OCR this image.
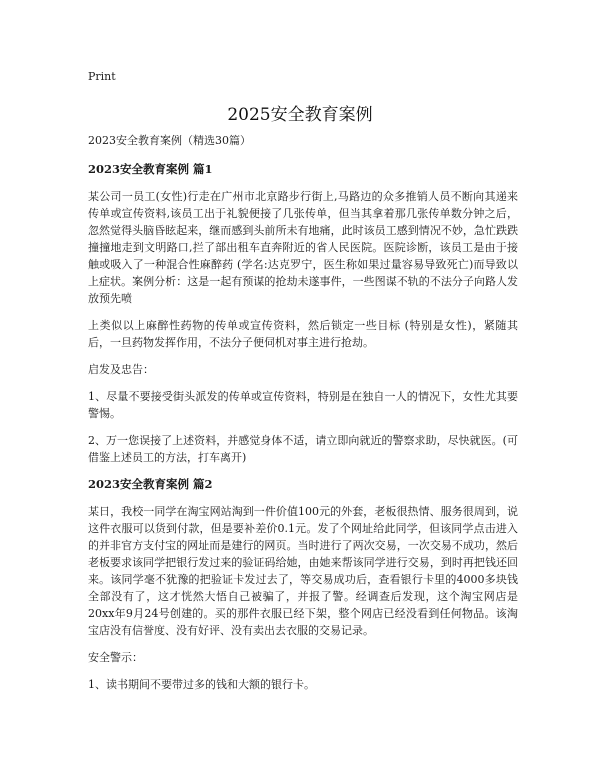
Print
2025安全教育案例

2023安全教育案例（精选30篇）

2023安全教育案例 篇1

某公司一员工(女性)行走在广州市北京路步行街上,马路边的众多推销人员不断向其递来传单或宣传资料,该员工出于礼貌便接了几张传单，但当其拿着那几张传单数分钟之后，忽然觉得头脑昏眩起来，继而感到头前所未有地痛，此时该员工感到情况不妙，急忙跌跌撞撞地走到文明路口,拦了部出租车直奔附近的省人民医院。医院诊断，该员工是由于接触或吸入了一种混合性麻醉药 (学名:达克罗宁，医生称如果过量容易导致死亡)而导致以上症状。案例分析：这是一起有预谋的抢劫未遂事件，一些图谋不轨的不法分子向路人发放预先喷

上类似以上麻醉性药物的传单或宣传资料，然后锁定一些目标 (特别是女性)，紧随其后，一旦药物发挥作用，不法分子便伺机对事主进行抢劫。

启发及忠告：

1、尽量不要接受街头派发的传单或宣传资料，特别是在独自一人的情况下，女性尤其要警惕。

2、万一您误接了上述资料，并感觉身体不适，请立即向就近的警察求助，尽快就医。(可借鉴上述员工的方法，打车离开)

2023安全教育案例 篇2

某日，我校一同学在淘宝网站淘到一件价值100元的外套，老板很热情、服务很周到，说这件衣服可以货到付款，但是要补差价0.1元。发了个网址给此同学，但该同学点击进入的并非官方支付宝的网址而是建行的网页。当时进行了两次交易，一次交易不成功，然后老板要求该同学把银行发过来的验证码给她，由她来帮该同学进行交易，到时再把钱还回来。该同学毫不犹豫的把验证卡发过去了，等交易成功后，查看银行卡里的4000多块钱全部没有了，这才恍然大悟自己被骗了，并报了警。经调查后发现，这个淘宝网店是20xx年9月24号创建的。买的那件衣服已经下架，整个网店已经没看到任何物品。该淘宝店没有信誉度、没有好评、没有卖出去衣服的交易记录。

安全警示：

1、读书期间不要带过多的钱和大额的银行卡。
